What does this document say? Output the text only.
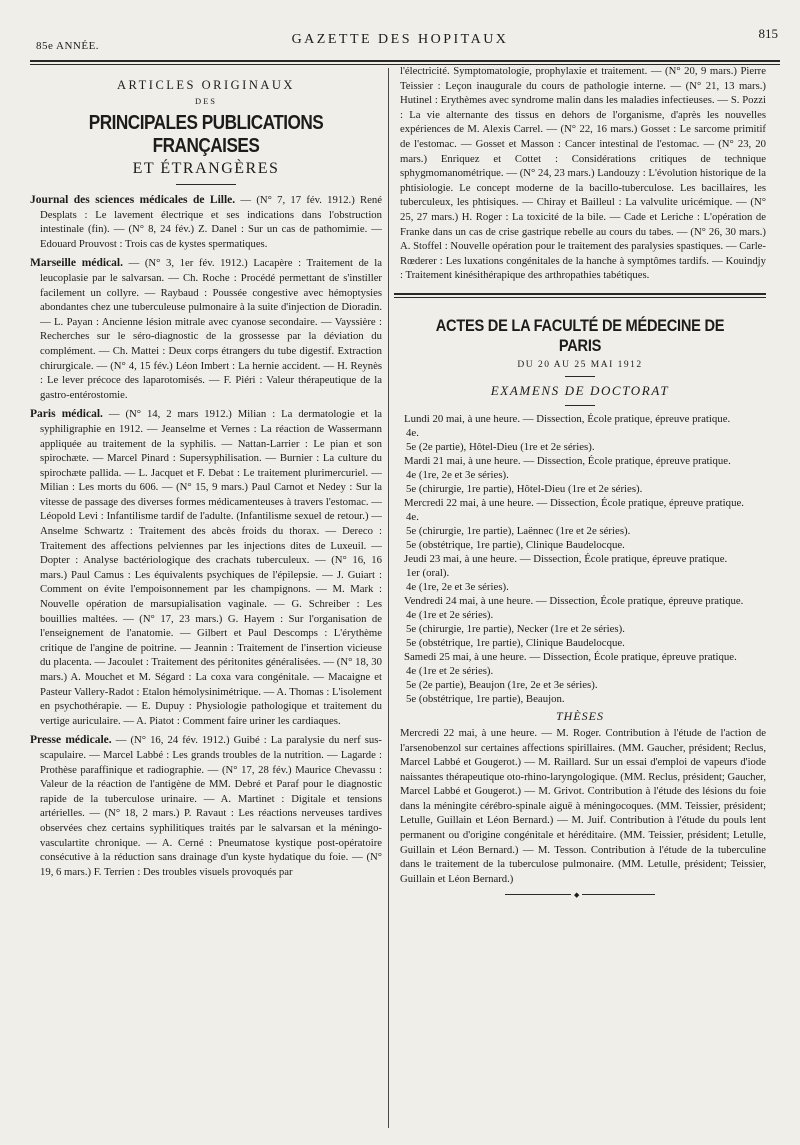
85e ANNÉE.	GAZETTE DES HOPITAUX	815
ARTICLES ORIGINAUX
DES
PRINCIPALES PUBLICATIONS FRANÇAISES
ET ÉTRANGÈRES

Journal des sciences médicales de Lille. — (N° 7, 17 fév. 1912.) René Desplats : Le lavement électrique et ses indications dans l'obstruction intestinale (fin). — (N° 8, 24 fév.) Z. Danel : Sur un cas de pathomimie. — Edouard Prouvost : Trois cas de kystes spermatiques.

Marseille médical. — (N° 3, 1er fév. 1912.) Lacapère : Traitement de la leucoplasie par le salvarsan. — Ch. Roche : Procédé permettant de s'instiller facilement un collyre. — Raybaud : Poussée congestive avec hémoptysies abondantes chez une tuberculeuse pulmonaire à la suite d'injection de Dioradin. — L. Payan : Ancienne lésion mitrale avec cyanose secondaire. — Vayssière : Recherches sur le séro-diagnostic de la grossesse par la déviation du complément. — Ch. Mattei : Deux corps étrangers du tube digestif. Extraction chirurgicale. — (N° 4, 15 fév.) Léon Imbert : La hernie accident. — H. Reynès : Le lever précoce des laparotomisés. — F. Piéri : Valeur thérapeutique de la gastro-entérostomie.

Paris médical. — (N° 14, 2 mars 1912.) Milian : La dermatologie et la syphiligraphie en 1912. — Jeanselme et Vernes : La réaction de Wassermann appliquée au traitement de la syphilis. — Nattan-Larrier : Le pian et son spirochæte. — Marcel Pinard : Supersyphilisation. — Burnier : La culture du spirochæte pallida. — L. Jacquet et F. Debat : Le traitement plurimercuriel. — Milian : Les morts du 606. — (N° 15, 9 mars.) Paul Carnot et Nedey : Sur la vitesse de passage des diverses formes médicamenteuses à travers l'estomac. — Léopold Levi : Infantilisme tardif de l'adulte. (Infantilisme sexuel de retour.) — Anselme Schwartz : Traitement des abcès froids du thorax. — Dereco : Traitement des affections pelviennes par les injections dites de Luxeuil. — Dopter : Analyse bactériologique des crachats tuberculeux. — (N° 16, 16 mars.) Paul Camus : Les équivalents psychiques de l'épilepsie. — J. Guiart : Comment on évite l'empoisonnement par les champignons. — M. Mark : Nouvelle opération de marsupialisation vaginale. — G. Schreiber : Les bouillies maltées. — (N° 17, 23 mars.) G. Hayem : Sur l'organisation de l'enseignement de l'anatomie. — Gilbert et Paul Descomps : L'érythème critique de l'angine de poitrine. — Jeannin : Traitement de l'insertion vicieuse du placenta. — Jacoulet : Traitement des péritonites généralisées. — (N° 18, 30 mars.) A. Mouchet et M. Ségard : La coxa vara congénitale. — Macaigne et Pasteur Vallery-Radot : Etalon hémolysinimétrique. — A. Thomas : L'isolement en psychothérapie. — E. Dupuy : Physiologie pathologique et traitement du vertige auriculaire. — A. Piatot : Comment faire uriner les cardiaques.

Presse médicale. — (N° 16, 24 fév. 1912.) Guibé : La paralysie du nerf sus-scapulaire. — Marcel Labbé : Les grands troubles de la nutrition. — Lagarde : Prothèse paraffinique et radiographie. — (N° 17, 28 fév.) Maurice Chevassu : Valeur de la réaction de l'antigène de MM. Debré et Paraf pour le diagnostic rapide de la tuberculose urinaire. — A. Martinet : Digitale et tensions artérielles. — (N° 18, 2 mars.) P. Ravaut : Les réactions nerveuses tardives observées chez certains syphilitiques traités par le salvarsan et la méningo-vasculartite chronique. — A. Cerné : Pneumatose kystique post-opératoire consécutive à la réduction sans drainage d'un kyste hydatique du foie. — (N° 19, 6 mars.) F. Terrien : Des troubles visuels provoqués par

l'électricité. Symptomatologie, prophylaxie et traitement. — (N° 20, 9 mars.) Pierre Teissier : Leçon inaugurale du cours de pathologie interne. — (N° 21, 13 mars.) Hutinel : Erythèmes avec syndrome malin dans les maladies infectieuses. — S. Pozzi : La vie alternante des tissus en dehors de l'organisme, d'après les nouvelles expériences de M. Alexis Carrel. — (N° 22, 16 mars.) Gosset : Le sarcome primitif de l'estomac. — Gosset et Masson : Cancer intestinal de l'estomac. — (N° 23, 20 mars.) Enriquez et Cottet : Considérations critiques de technique sphygmomanométrique. — (N° 24, 23 mars.) Landouzy : L'évolution historique de la phtisiologie. Le concept moderne de la bacillo-tuberculose. Les bacillaires, les tuberculeux, les phtisiques. — Chiray et Bailleul : La valvulite uricémique. — (N° 25, 27 mars.) H. Roger : La toxicité de la bile. — Cade et Leriche : L'opération de Franke dans un cas de crise gastrique rebelle au cours du tabes. — (N° 26, 30 mars.) A. Stoffel : Nouvelle opération pour le traitement des paralysies spastiques. — Carle-Rœderer : Les luxations congénitales de la hanche à symptômes tardifs. — Kouindjy : Traitement kinésithérapique des arthropathies tabétiques.

ACTES DE LA FACULTÉ DE MÉDECINE DE PARIS
DU 20 AU 25 MAI 1912
EXAMENS DE DOCTORAT

Lundi 20 mai, à une heure. — Dissection, École pratique, épreuve pratique.

4e.

5e (2e partie), Hôtel-Dieu (1re et 2e séries).

Mardi 21 mai, à une heure. — Dissection, École pratique, épreuve pratique.

4e (1re, 2e et 3e séries).

5e (chirurgie, 1re partie), Hôtel-Dieu (1re et 2e séries).

Mercredi 22 mai, à une heure. — Dissection, École pratique, épreuve pratique.

4e.

5e (chirurgie, 1re partie), Laënnec (1re et 2e séries).

5e (obstétrique, 1re partie), Clinique Baudelocque.

Jeudi 23 mai, à une heure. — Dissection, École pratique, épreuve pratique.

1er (oral).

4e (1re, 2e et 3e séries).

Vendredi 24 mai, à une heure. — Dissection, École pratique, épreuve pratique.

4e (1re et 2e séries).

5e (chirurgie, 1re partie), Necker (1re et 2e séries).

5e (obstétrique, 1re partie), Clinique Baudelocque.

Samedi 25 mai, à une heure. — Dissection, École pratique, épreuve pratique.

4e (1re et 2e séries).

5e (2e partie), Beaujon (1re, 2e et 3e séries).

5e (obstétrique, 1re partie), Beaujon.

THÈSES

Mercredi 22 mai, à une heure. — M. Roger. Contribution à l'étude de l'action de l'arsenobenzol sur certaines affections spirillaires. (MM. Gaucher, président; Reclus, Marcel Labbé et Gougerot.) — M. Raillard. Sur un essai d'emploi de vapeurs d'iode naissantes thérapeutique oto-rhino-laryngologique. (MM. Reclus, président; Gaucher, Marcel Labbé et Gougerot.) — M. Grivot. Contribution à l'étude des lésions du foie dans la méningite cérébro-spinale aiguë à méningocoques. (MM. Teissier, président; Letulle, Guillain et Léon Bernard.) — M. Juif. Contribution à l'étude du pouls lent permanent ou d'origine congénitale et héréditaire. (MM. Teissier, président; Letulle, Guillain et Léon Bernard.) — M. Tesson. Contribution à l'étude de la tuberculine dans le traitement de la tuberculose pulmonaire. (MM. Letulle, président; Teissier, Guillain et Léon Bernard.)

◆
